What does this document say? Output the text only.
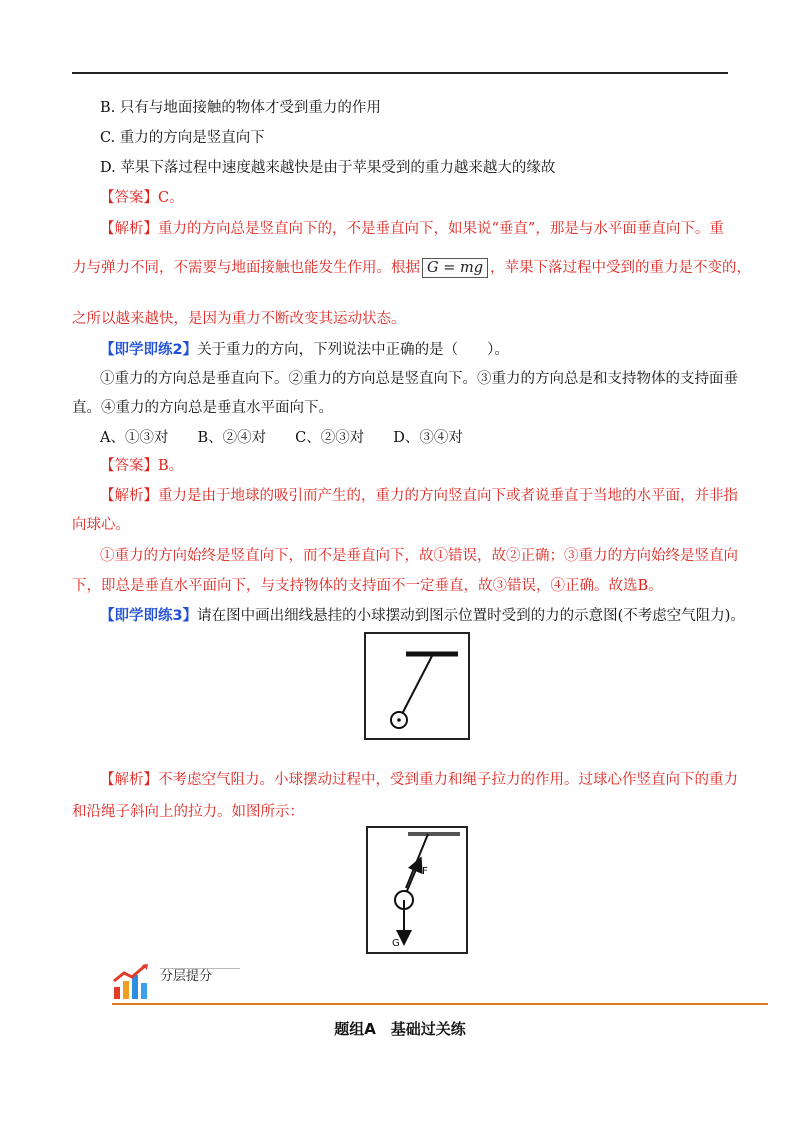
B. 只有与地面接触的物体才受到重力的作用
C. 重力的方向是竖直向下
D. 苹果下落过程中速度越来越快是由于苹果受到的重力越来越大的缘故
【答案】C。
【解析】重力的方向总是竖直向下的，不是垂直向下，如果说“垂直”，那是与水平面垂直向下。重
力与弹力不同，不需要与地面接触也能发生作用。根据 G = mg ，苹果下落过程中受到的重力是不变的，
之所以越来越快，是因为重力不断改变其运动状态。
【即学即练2】关于重力的方向，下列说法中正确的是（　　）。
①重力的方向总是垂直向下。②重力的方向总是竖直向下。③重力的方向总是和支持物体的支持面垂
直。④重力的方向总是垂直水平面向下。
A、①③对　　B、②④对　　C、②③对　　D、③④对
【答案】B。
【解析】重力是由于地球的吸引而产生的，重力的方向竖直向下或者说垂直于当地的水平面，并非指
向球心。
①重力的方向始终是竖直向下，而不是垂直向下，故①错误，故②正确；③重力的方向始终是竖直向
下，即总是垂直水平面向下，与支持物体的支持面不一定垂直，故③错误，④正确。故选B。
【即学即练3】请在图中画出细线悬挂的小球摆动到图示位置时受到的力的示意图(不考虑空气阻力)。
【解析】不考虑空气阻力。小球摆动过程中，受到重力和绳子拉力的作用。过球心作竖直向下的重力
和沿绳子斜向上的拉力。如图所示：
F
G
分层提分
题组A　基础过关练
